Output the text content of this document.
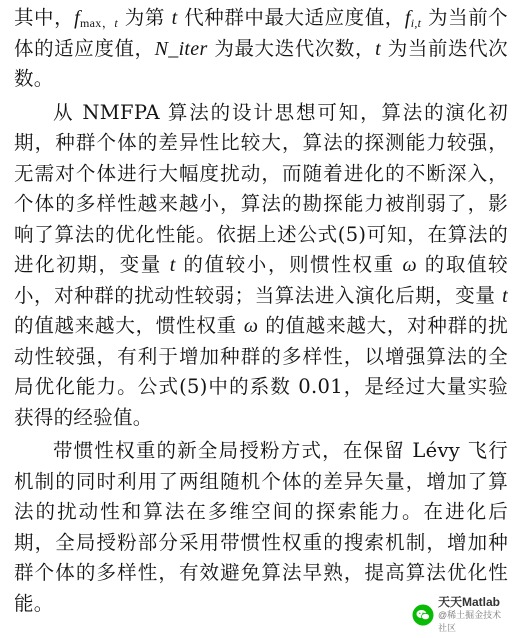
其中，$f_{max,t}$ 为第 t 代种群中最大适应度值，$f_{i,t}$ 为当前个体的适应度值，N_iter 为最大迭代次数，t 为当前迭代次数。

从 NMFPA 算法的设计思想可知，算法的演化初期，种群个体的差异性比较大，算法的探测能力较强，无需对个体进行大幅度扰动，而随着进化的不断深入，个体的多样性越来越小，算法的勘探能力被削弱了，影响了算法的优化性能。依据上述公式(5)可知，在算法的进化初期，变量 t 的值较小，则惯性权重 ω 的取值较小，对种群的扰动性较弱；当算法进入演化后期，变量 t 的值越来越大，惯性权重 ω 的值越来越大，对种群的扰动性较强，有利于增加种群的多样性，以增强算法的全局优化能力。公式(5)中的系数 0.01，是经过大量实验获得的经验值。

带惯性权重的新全局授粉方式，在保留 Lévy 飞行机制的同时利用了两组随机个体的差异矢量，增加了算法的扰动性和算法在多维空间的探索能力。在进化后期，全局授粉部分采用带惯性权重的搜索机制，增加种群个体的多样性，有效避免算法早熟，提高算法优化性能。	天天Matlab
@稀土掘金技术社区
